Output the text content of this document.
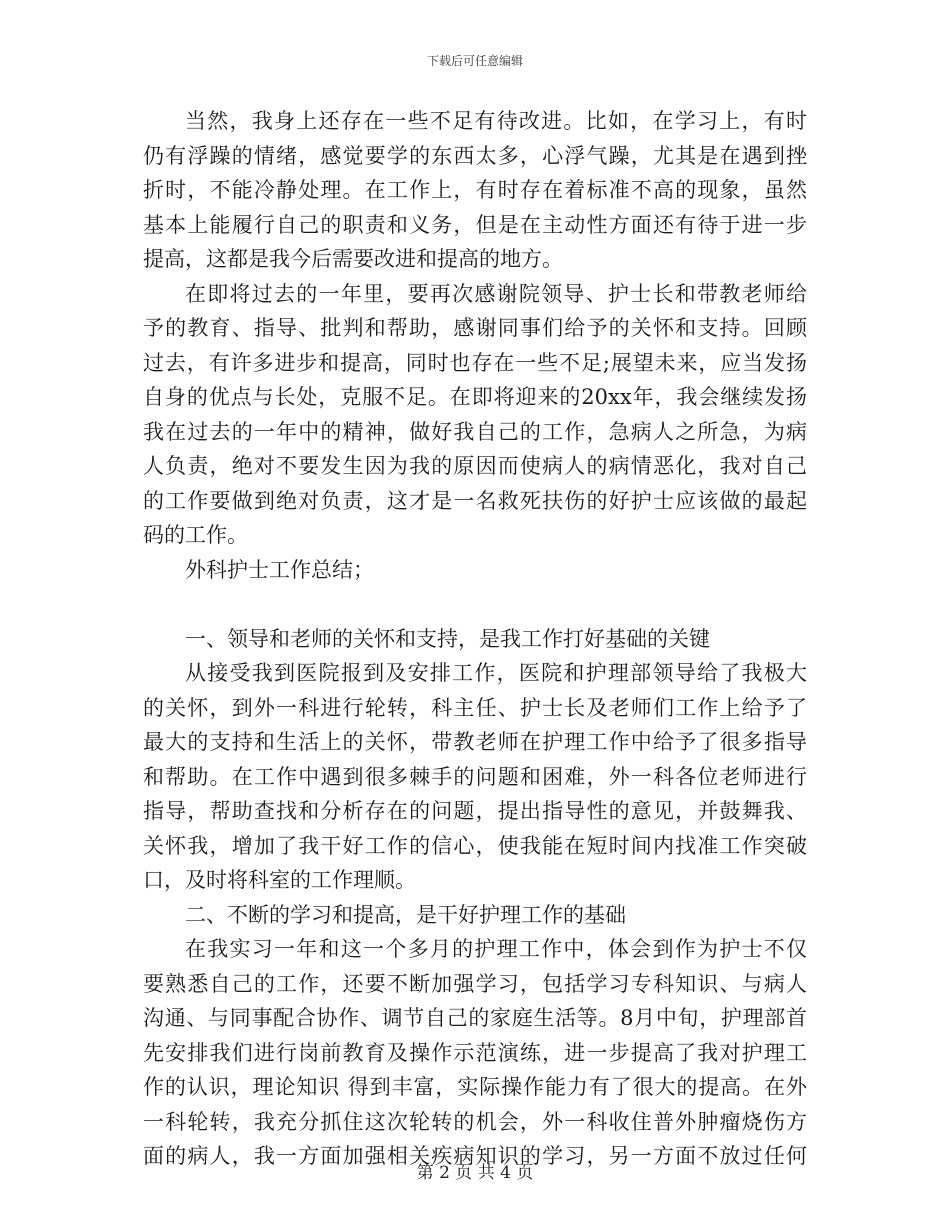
下载后可任意编辑
当然，我身上还存在一些不足有待改进。比如，在学习上，有时
仍有浮躁的情绪，感觉要学的东西太多，心浮气躁，尤其是在遇到挫
折时，不能冷静处理。在工作上，有时存在着标准不高的现象，虽然
基本上能履行自己的职责和义务，但是在主动性方面还有待于进一步
提高，这都是我今后需要改进和提高的地方。
在即将过去的一年里，要再次感谢院领导、护士长和带教老师给
予的教育、指导、批判和帮助，感谢同事们给予的关怀和支持。回顾
过去，有许多进步和提高，同时也存在一些不足;展望未来，应当发扬
自身的优点与长处，克服不足。在即将迎来的20xx年，我会继续发扬
我在过去的一年中的精神，做好我自己的工作，急病人之所急，为病
人负责，绝对不要发生因为我的原因而使病人的病情恶化，我对自己
的工作要做到绝对负责，这才是一名救死扶伤的好护士应该做的最起
码的工作。
外科护士工作总结；
一、领导和老师的关怀和支持，是我工作打好基础的关键
从接受我到医院报到及安排工作，医院和护理部领导给了我极大
的关怀，到外一科进行轮转，科主任、护士长及老师们工作上给予了
最大的支持和生活上的关怀，带教老师在护理工作中给予了很多指导
和帮助。在工作中遇到很多棘手的问题和困难，外一科各位老师进行
指导，帮助查找和分析存在的问题，提出指导性的意见，并鼓舞我、
关怀我，增加了我干好工作的信心，使我能在短时间内找准工作突破
口，及时将科室的工作理顺。
二、不断的学习和提高，是干好护理工作的基础
在我实习一年和这一个多月的护理工作中，体会到作为护士不仅
要熟悉自己的工作，还要不断加强学习，包括学习专科知识、与病人
沟通、与同事配合协作、调节自己的家庭生活等。8月中旬，护理部首
先安排我们进行岗前教育及操作示范演练，进一步提高了我对护理工
作的认识，理论知识 得到丰富，实际操作能力有了很大的提高。在外
一科轮转，我充分抓住这次轮转的机会，外一科收住普外肿瘤烧伤方
面的病人，我一方面加强相关疾病知识的学习，另一方面不放过任何
第 2 页 共 4 页
